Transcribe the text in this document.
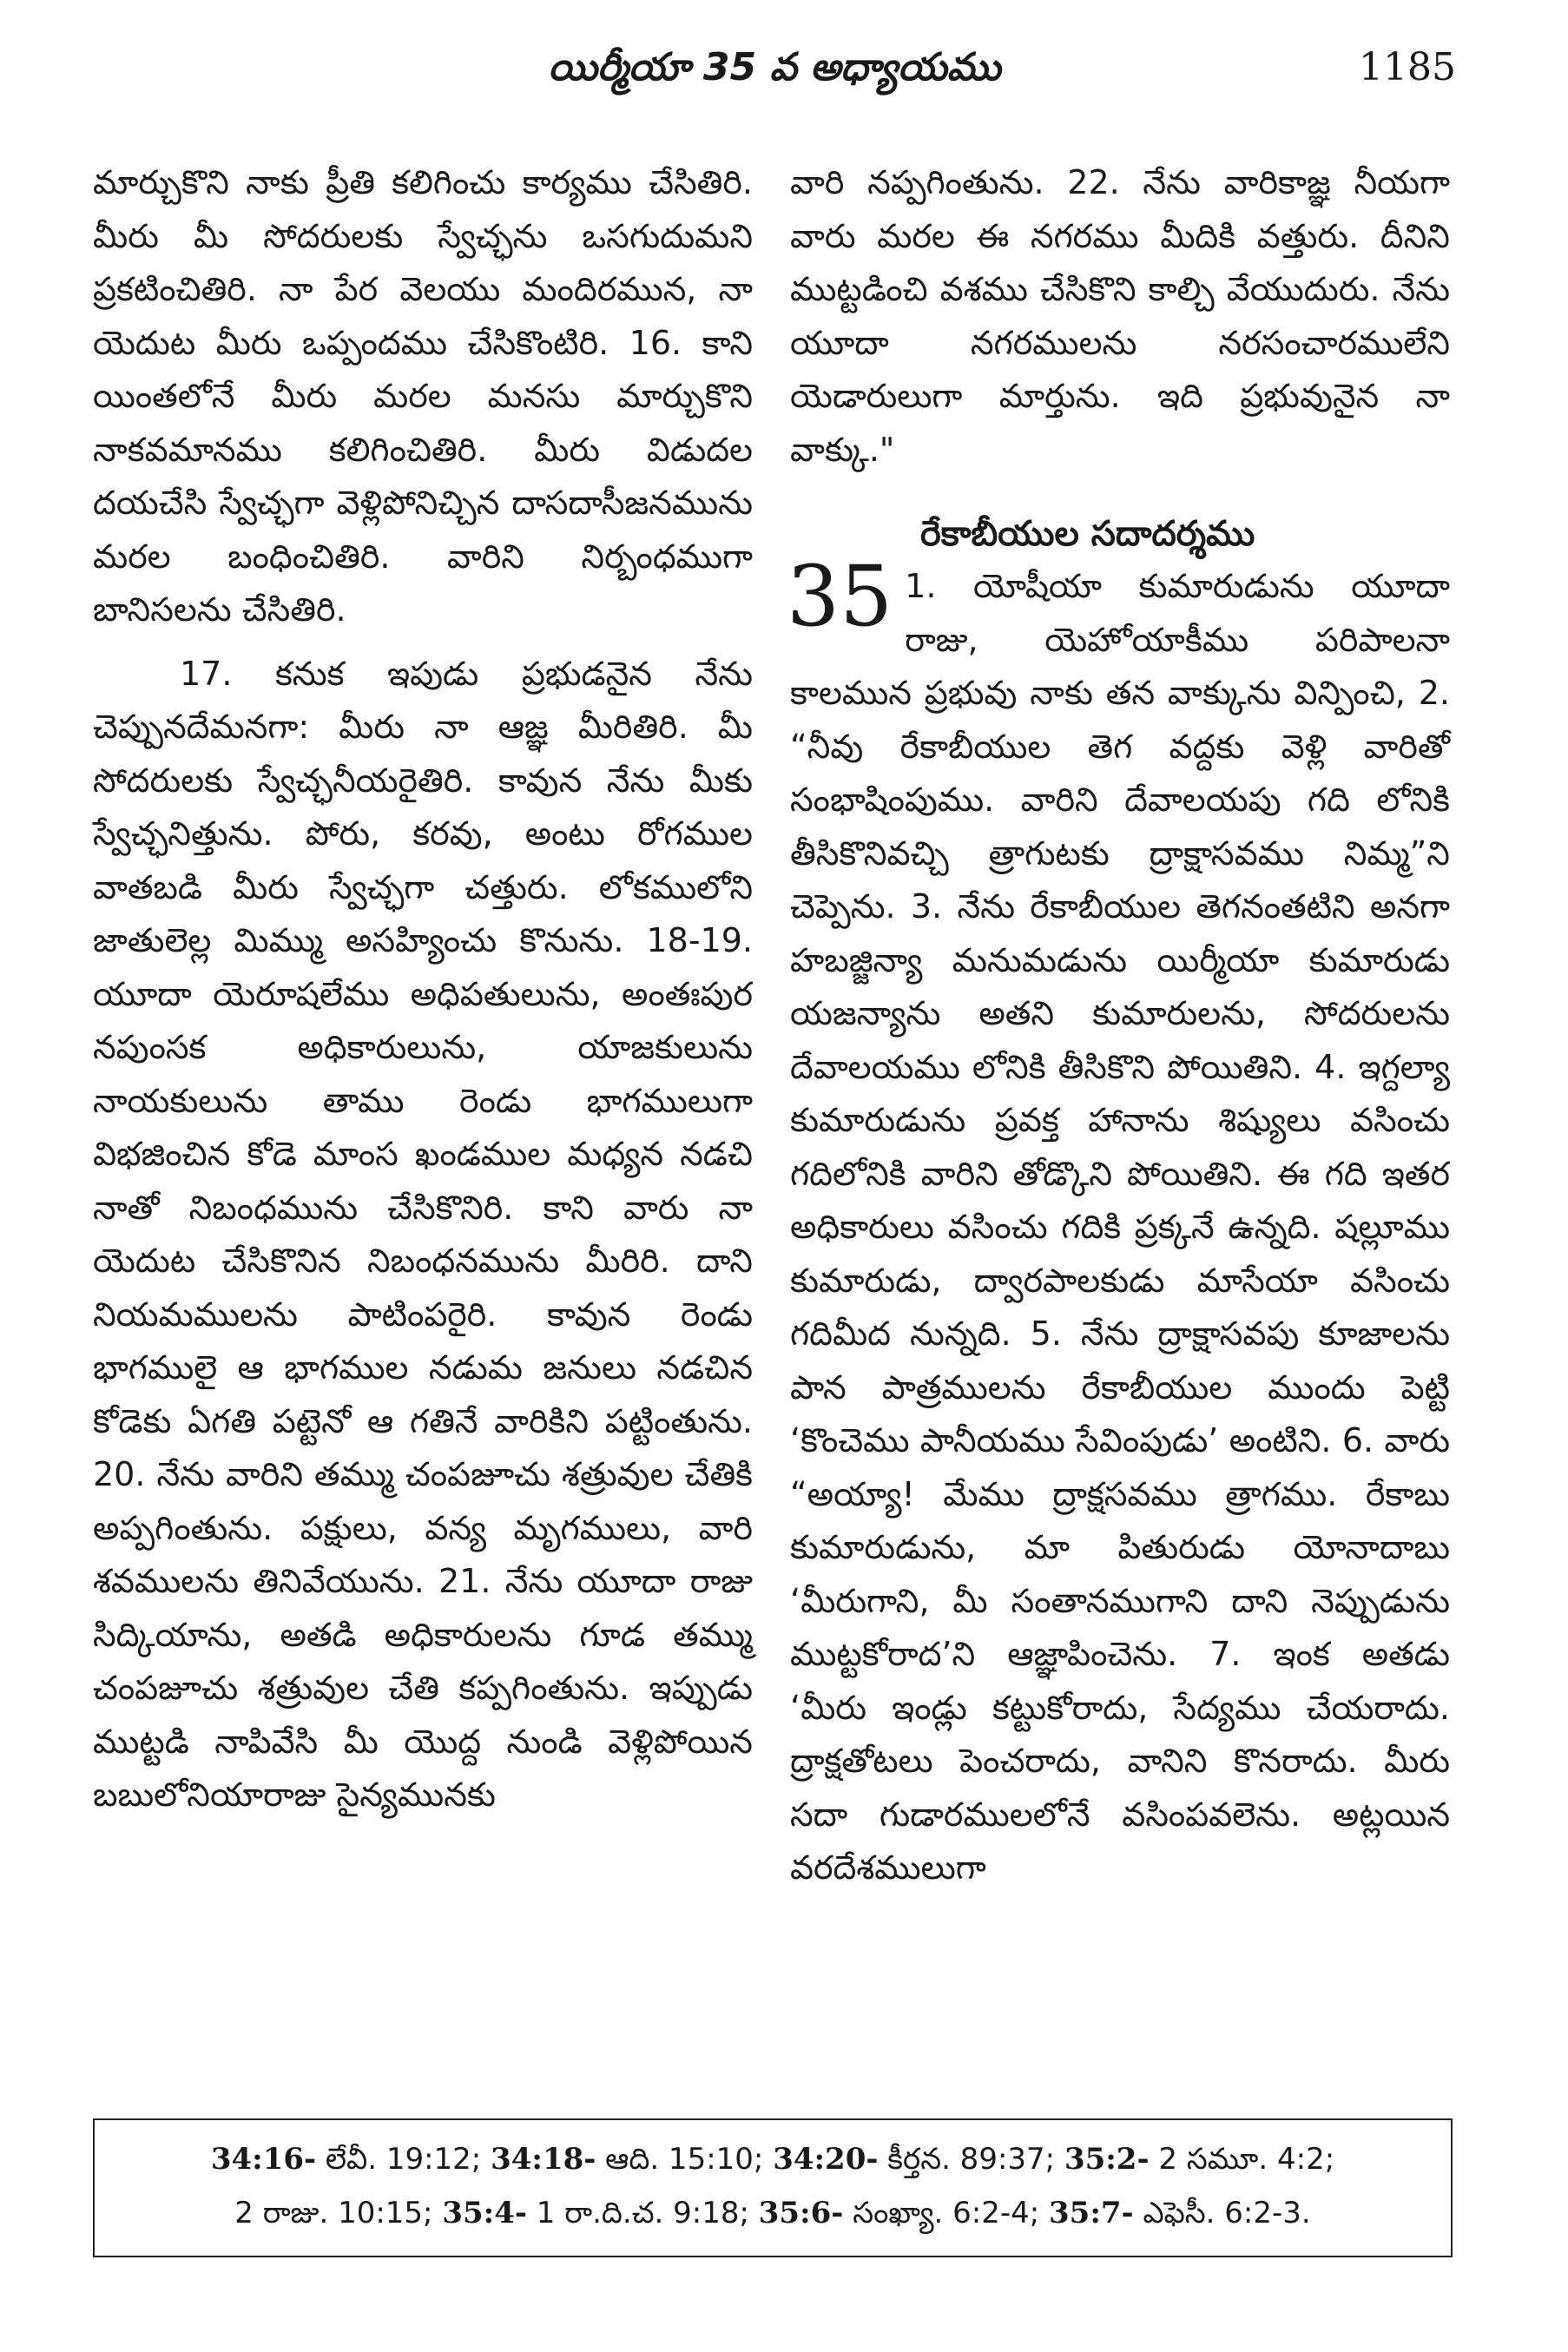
యిర్మీయా 35 వ అధ్యాయము	1185

మార్చుకొని నాకు ప్రీతి కలిగించు కార్యము చేసితిరి. మీరు మీ సోదరులకు స్వేచ్ఛను ఒసగుదుమని ప్రకటించితిరి. నా పేర వెలయు మందిరమున, నా యెదుట మీరు ఒప్పందము చేసికొంటిరి. 16. కాని యింతలోనే మీరు మరల మనసు మార్చుకొని నాకవమానము కలిగించితిరి. మీరు విడుదల దయచేసి స్వేచ్ఛగా వెళ్లిపోనిచ్చిన దాసదాసీజనమును మరల బంధించితిరి. వారిని నిర్బంధముగా బానిసలను చేసితిరి.

17. కనుక ఇపుడు ప్రభుడనైన నేను చెప్పునదేమనగా: మీరు నా ఆజ్ఞ మీరితిరి. మీ సోదరులకు స్వేచ్ఛనీయరైతిరి. కావున నేను మీకు స్వేచ్ఛనిత్తును. పోరు, కరవు, అంటు రోగముల వాతబడి మీరు స్వేచ్ఛగా చత్తురు. లోకములోని జాతులెల్ల మిమ్ము అసహ్యించు కొనును. 18-19. యూదా యెరూషలేము అధిపతులును, అంతఃపుర నపుంసక అధికారులును, యాజకులును నాయకులును తాము రెండు భాగములుగా విభజించిన కోడె మాంస ఖండముల మధ్యన నడచి నాతో నిబంధమును చేసికొనిరి. కాని వారు నా యెదుట చేసికొనిన నిబంధనమును మీరిరి. దాని నియమములను పాటింపరైరి. కావున రెండు భాగములై ఆ భాగముల నడుమ జనులు నడచిన కోడెకు ఏగతి పట్టెనో ఆ గతినే వారికిని పట్టింతును. 20. నేను వారిని తమ్ము చంపజూచు శత్రువుల చేతికి అప్పగింతును. పక్షులు, వన్య మృగములు, వారి శవములను తినివేయును. 21. నేను యూదా రాజు సిద్కియాను, అతడి అధికారులను గూడ తమ్ము చంపజూచు శత్రువుల చేతి కప్పగింతును. ఇప్పుడు ముట్టడి నాపివేసి మీ యొద్ద నుండి వెళ్లిపోయిన బబులోనియారాజు సైన్యమునకు

వారి నప్పగింతును. 22. నేను వారికాజ్ఞ నీయగా వారు మరల ఈ నగరము మీదికి వత్తురు. దీనిని ముట్టడించి వశము చేసికొని కాల్చి వేయుదురు. నేను యూదా నగరములను నరసంచారములేని యెడారులుగా మార్తును. ఇది ప్రభువునైన నా వాక్కు."

రేకాబీయుల సదాదర్శము
35 1. యోషీయా కుమారుడును యూదా రాజు, యెహోయాకీము పరిపాలనా కాలమున ప్రభువు నాకు తన వాక్కును విన్పించి, 2. “నీవు రేకాబీయుల తెగ వద్దకు వెళ్లి వారితో సంభాషింపుము. వారిని దేవాలయపు గది లోనికి తీసికొనివచ్చి త్రాగుటకు ద్రాక్షాసవము నిమ్మ”ని చెప్పెను. 3. నేను రేకాబీయుల తెగనంతటిని అనగా హబజ్జిన్యా మనుమడును యిర్మీయా కుమారుడు యజన్యాను అతని కుమారులను, సోదరులను దేవాలయము లోనికి తీసికొని పోయితిని. 4. ఇగ్దల్యా కుమారుడును ప్రవక్త హానాను శిష్యులు వసించు గదిలోనికి వారిని తోడ్కొని పోయితిని. ఈ గది ఇతర అధికారులు వసించు గదికి ప్రక్కనే ఉన్నది. షల్లూము కుమారుడు, ద్వారపాలకుడు మాసేయా వసించు గదిమీద నున్నది. 5. నేను ద్రాక్షాసవపు కూజాలను పాన పాత్రములను రేకాబీయుల ముందు పెట్టి ‘కొంచెము పానీయము సేవింపుడు’ అంటిని. 6. వారు “అయ్యా! మేము ద్రాక్షసవము త్రాగము. రేకాబు కుమారుడును, మా పితురుడు యోనాదాబు ‘మీరుగాని, మీ సంతానముగాని దాని నెప్పుడును ముట్టకోరాద’ని ఆజ్ఞాపించెను. 7. ఇంక అతడు ‘మీరు ఇండ్లు కట్టుకోరాదు, సేద్యము చేయరాదు. ద్రాక్షతోటలు పెంచరాదు, వానిని కొనరాదు. మీరు సదా గుడారములలోనే వసింపవలెను. అట్లయిన వరదేశములుగా
34:16- లేవీ. 19:12; 34:18- ఆది. 15:10; 34:20- కీర్తన. 89:37; 35:2- 2 సమూ. 4:2;
2 రాజు. 10:15; 35:4- 1 రా.ది.చ. 9:18; 35:6- సంఖ్యా. 6:2-4; 35:7- ఎఫెసీ. 6:2-3.
